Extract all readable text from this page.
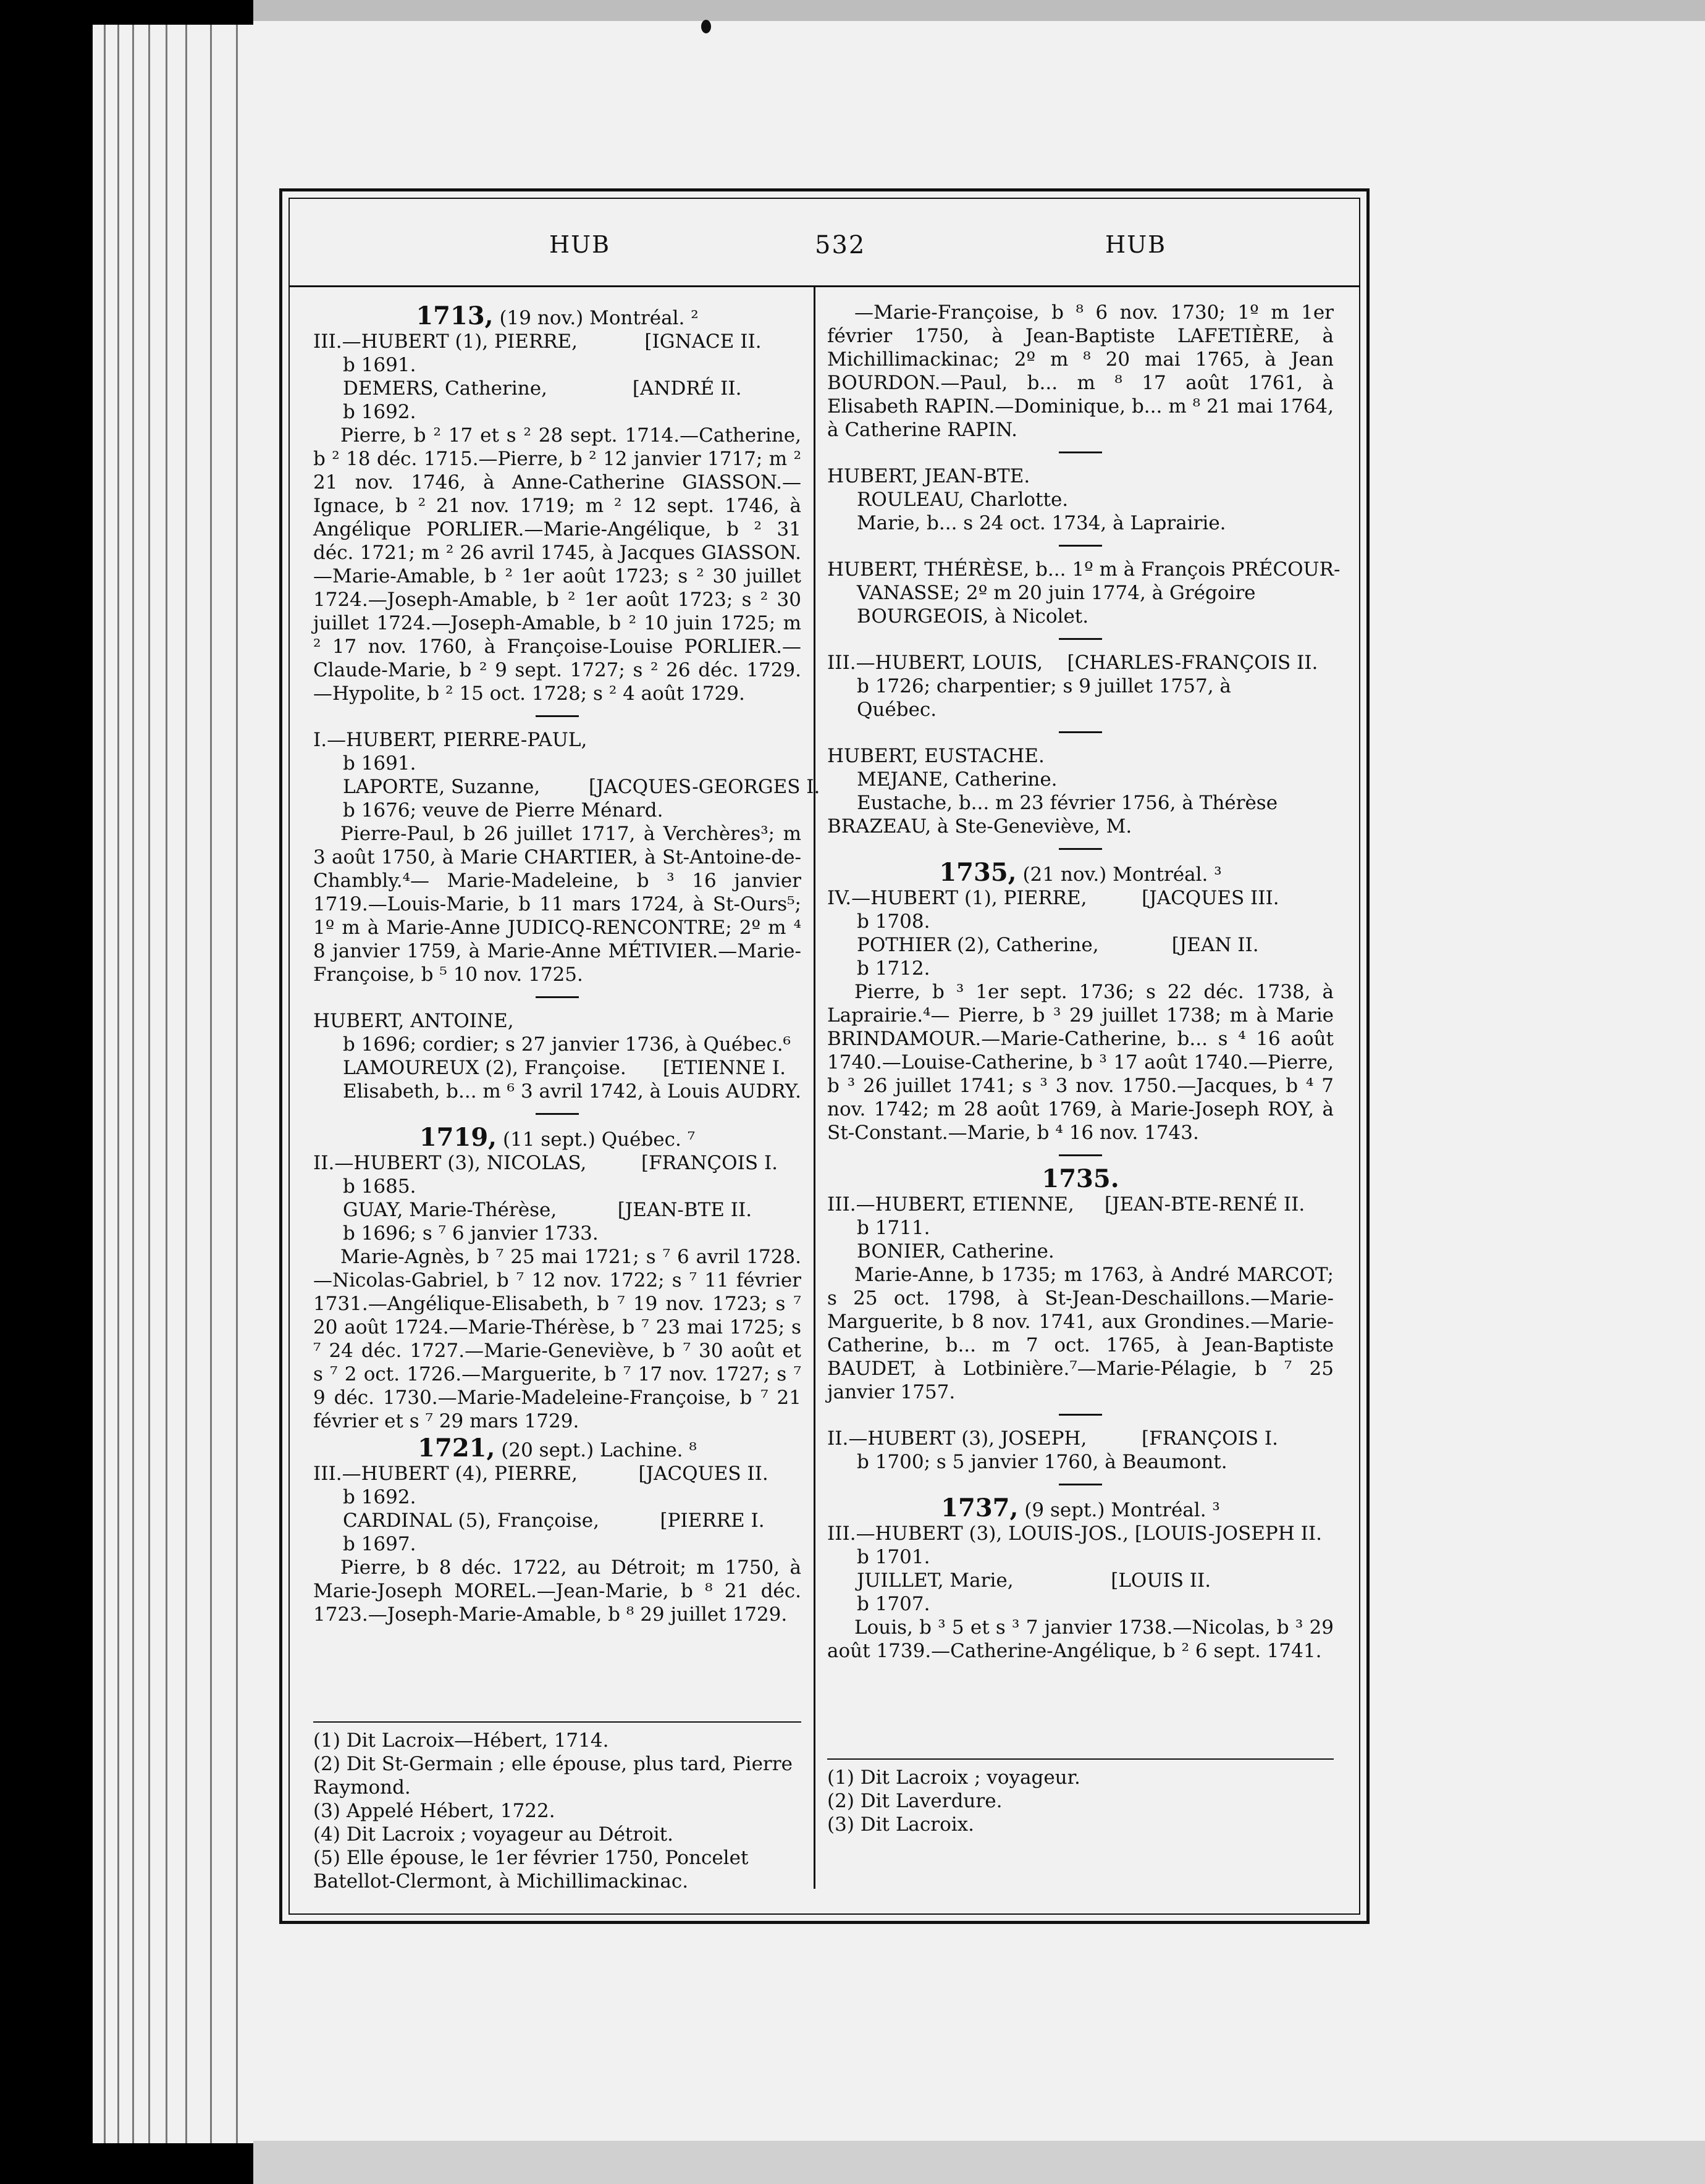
HUB	532	HUB

1713, (19 nov.) Montréal. ²

III.—HUBERT (1), PIERRE,           [IGNACE II.

b 1691.

DEMERS, Catherine,              [ANDRÉ II.

b 1692.

Pierre, b ² 17 et s ² 28 sept. 1714.—Catherine, b ² 18 déc. 1715.—Pierre, b ² 12 janvier 1717; m ² 21 nov. 1746, à Anne-Catherine GIASSON.—Ignace, b ² 21 nov. 1719; m ² 12 sept. 1746, à Angélique PORLIER.—Marie-Angélique, b ² 31 déc. 1721; m ² 26 avril 1745, à Jacques GIASSON.—Marie-Amable, b ² 1er août 1723; s ² 30 juillet 1724.—Joseph-Amable, b ² 1er août 1723; s ² 30 juillet 1724.—Joseph-Amable, b ² 10 juin 1725; m ² 17 nov. 1760, à Françoise-Louise PORLIER.—Claude-Marie, b ² 9 sept. 1727; s ² 26 déc. 1729.—Hypolite, b ² 15 oct. 1728; s ² 4 août 1729.

I.—HUBERT, PIERRE-PAUL,

b 1691.

LAPORTE, Suzanne,        [JACQUES-GEORGES I.

b 1676; veuve de Pierre Ménard.

Pierre-Paul, b 26 juillet 1717, à Verchères³; m 3 août 1750, à Marie CHARTIER, à St-Antoine-de-Chambly.⁴— Marie-Madeleine, b ³ 16 janvier 1719.—Louis-Marie, b 11 mars 1724, à St-Ours⁵; 1º m à Marie-Anne JUDICQ-RENCONTRE; 2º m ⁴ 8 janvier 1759, à Marie-Anne MÉTIVIER.—Marie-Françoise, b ⁵ 10 nov. 1725.

HUBERT, ANTOINE,

b 1696; cordier; s 27 janvier 1736, à Québec.⁶

LAMOUREUX (2), Françoise.      [ETIENNE I.

Elisabeth, b... m ⁶ 3 avril 1742, à Louis AUDRY.

1719, (11 sept.) Québec. ⁷

II.—HUBERT (3), NICOLAS,         [FRANÇOIS I.

b 1685.

GUAY, Marie-Thérèse,          [JEAN-BTE II.

b 1696; s ⁷ 6 janvier 1733.

Marie-Agnès, b ⁷ 25 mai 1721; s ⁷ 6 avril 1728.—Nicolas-Gabriel, b ⁷ 12 nov. 1722; s ⁷ 11 février 1731.—Angélique-Elisabeth, b ⁷ 19 nov. 1723; s ⁷ 20 août 1724.—Marie-Thérèse, b ⁷ 23 mai 1725; s ⁷ 24 déc. 1727.—Marie-Geneviève, b ⁷ 30 août et s ⁷ 2 oct. 1726.—Marguerite, b ⁷ 17 nov. 1727; s ⁷ 9 déc. 1730.—Marie-Madeleine-Françoise, b ⁷ 21 février et s ⁷ 29 mars 1729.

1721, (20 sept.) Lachine. ⁸

III.—HUBERT (4), PIERRE,          [JACQUES II.

b 1692.

CARDINAL (5), Françoise,          [PIERRE I.

b 1697.

Pierre, b 8 déc. 1722, au Détroit; m 1750, à Marie-Joseph MOREL.—Jean-Marie, b ⁸ 21 déc. 1723.—Joseph-Marie-Amable, b ⁸ 29 juillet 1729.

—Marie-Françoise, b ⁸ 6 nov. 1730; 1º m 1er février 1750, à Jean-Baptiste LAFETIÈRE, à Michillimackinac; 2º m ⁸ 20 mai 1765, à Jean BOURDON.—Paul, b... m ⁸ 17 août 1761, à Elisabeth RAPIN.—Dominique, b... m ⁸ 21 mai 1764, à Catherine RAPIN.

HUBERT, JEAN-BTE.

ROULEAU, Charlotte.

Marie, b... s 24 oct. 1734, à Laprairie.

HUBERT, THÉRÈSE, b... 1º m à François PRÉCOUR-

VANASSE; 2º m 20 juin 1774, à Grégoire

BOURGEOIS, à Nicolet.

III.—HUBERT, LOUIS,    [CHARLES-FRANÇOIS II.

b 1726; charpentier; s 9 juillet 1757, à

Québec.

HUBERT, EUSTACHE.

MEJANE, Catherine.

Eustache, b... m 23 février 1756, à Thérèse

BRAZEAU, à Ste-Geneviève, M.

1735, (21 nov.) Montréal. ³

IV.—HUBERT (1), PIERRE,         [JACQUES III.

b 1708.

POTHIER (2), Catherine,            [JEAN II.

b 1712.

Pierre, b ³ 1er sept. 1736; s 22 déc. 1738, à Laprairie.⁴— Pierre, b ³ 29 juillet 1738; m à Marie BRINDAMOUR.—Marie-Catherine, b... s ⁴ 16 août 1740.—Louise-Catherine, b ³ 17 août 1740.—Pierre, b ³ 26 juillet 1741; s ³ 3 nov. 1750.—Jacques, b ⁴ 7 nov. 1742; m 28 août 1769, à Marie-Joseph ROY, à St-Constant.—Marie, b ⁴ 16 nov. 1743.

1735.

III.—HUBERT, ETIENNE,     [JEAN-BTE-RENÉ II.

b 1711.

BONIER, Catherine.

Marie-Anne, b 1735; m 1763, à André MARCOT; s 25 oct. 1798, à St-Jean-Deschaillons.—Marie-Marguerite, b 8 nov. 1741, aux Grondines.—Marie-Catherine, b... m 7 oct. 1765, à Jean-Baptiste BAUDET, à Lotbinière.⁷—Marie-Pélagie, b ⁷ 25 janvier 1757.

II.—HUBERT (3), JOSEPH,         [FRANÇOIS I.

b 1700; s 5 janvier 1760, à Beaumont.

1737, (9 sept.) Montréal. ³

III.—HUBERT (3), LOUIS-JOS., [LOUIS-JOSEPH II.

b 1701.

JUILLET, Marie,                [LOUIS II.

b 1707.

Louis, b ³ 5 et s ³ 7 janvier 1738.—Nicolas, b ³ 29 août 1739.—Catherine-Angélique, b ² 6 sept. 1741.

(1) Dit Lacroix—Hébert, 1714.

(2) Dit St-Germain ; elle épouse, plus tard, Pierre Raymond.

(3) Appelé Hébert, 1722.

(4) Dit Lacroix ; voyageur au Détroit.

(5) Elle épouse, le 1er février 1750, Poncelet Batellot-Clermont, à Michillimackinac.

(1) Dit Lacroix ; voyageur.

(2) Dit Laverdure.

(3) Dit Lacroix.
